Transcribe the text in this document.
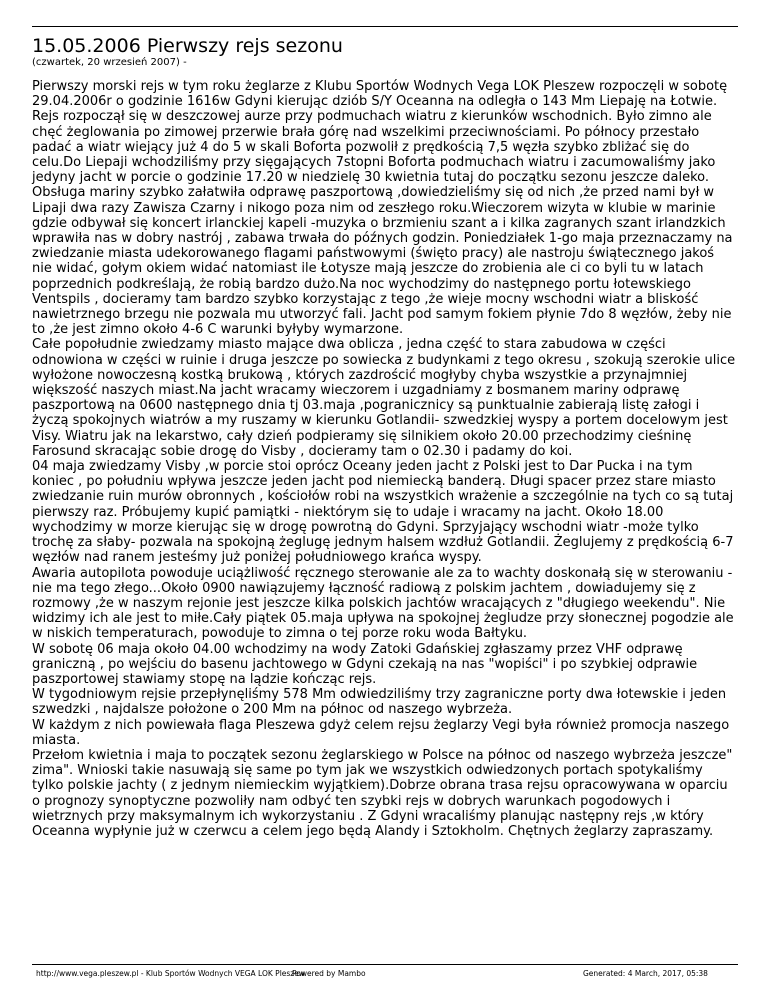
15.05.2006 Pierwszy rejs sezonu
(czwartek, 20 wrzesień 2007) -

Pierwszy morski rejs w tym roku żeglarze z Klubu Sportów Wodnych Vega LOK Pleszew rozpoczęli w sobotę 29.04.2006r o godzinie 1616w Gdyni kierując dziób S/Y Oceanna na odległa o 143 Mm Liepaję na Łotwie.

Rejs rozpoczął się w deszczowej aurze przy podmuchach wiatru z kierunków wschodnich. Było zimno ale chęć żeglowania po zimowej przerwie brała górę nad wszelkimi przeciwnościami. Po północy przestało padać a wiatr wiejący już 4 do 5 w skali Boforta pozwolił z prędkością 7,5 węzła szybko zbliżać się do celu.Do Liepaji wchodziliśmy przy sięgających 7stopni Boforta podmuchach wiatru i zacumowaliśmy jako jedyny jacht w porcie o godzinie 17.20 w niedzielę 30 kwietnia tutaj do początku sezonu jeszcze daleko. Obsługa mariny szybko załatwiła odprawę paszportową ,dowiedzieliśmy się od nich ,że przed nami był w Lipaji dwa razy Zawisza Czarny i nikogo poza nim od zeszłego roku.Wieczorem wizyta w klubie w marinie gdzie odbywał się koncert irlanckiej kapeli -muzyka o brzmieniu szant a i kilka zagranych szant irlandzkich wprawiła nas w dobry nastrój , zabawa trwała do późnych godzin. Poniedziałek 1-go maja przeznaczamy na zwiedzanie miasta udekorowanego flagami państwowymi (święto pracy) ale nastroju świątecznego jakoś nie widać, gołym okiem widać natomiast ile Łotysze mają jeszcze do zrobienia ale ci co byli tu w latach poprzednich podkreślają, że robią bardzo dużo.Na noc wychodzimy do następnego portu łotewskiego Ventspils , docieramy tam bardzo szybko korzystając z tego ,że wieje mocny wschodni wiatr a bliskość nawietrznego brzegu nie pozwala mu utworzyć fali. Jacht pod samym fokiem płynie 7do 8 węzłów, żeby nie to ,że jest zimno około 4-6 C warunki byłyby wymarzone.

Całe popołudnie zwiedzamy miasto mające dwa oblicza , jedna część to stara zabudowa w części odnowiona w części w ruinie i druga jeszcze po sowiecka z budynkami z tego okresu , szokują szerokie ulice wyłożone nowoczesną kostką brukową , których zazdrościć mogłyby chyba wszystkie a przynajmniej większość naszych miast.Na jacht wracamy wieczorem i uzgadniamy z bosmanem mariny odprawę paszportową na 0600 następnego dnia tj 03.maja ,pogranicznicy są punktualnie zabierają listę załogi i życzą spokojnych wiatrów a my ruszamy w kierunku Gotlandii- szwedzkiej wyspy a portem docelowym jest Visy. Wiatru jak na lekarstwo, cały dzień podpieramy się silnikiem około 20.00 przechodzimy cieśninę Farosund skracając sobie drogę do Visby , docieramy tam o 02.30 i padamy do koi.

04 maja zwiedzamy Visby ,w porcie stoi oprócz Oceany jeden jacht z Polski jest to Dar Pucka i na tym koniec , po południu wpływa jeszcze jeden jacht pod niemiecką banderą. Długi spacer przez stare miasto zwiedzanie ruin murów obronnych , kościołów robi na wszystkich wrażenie a szczególnie na tych co są tutaj pierwszy raz. Próbujemy kupić pamiątki - niektórym się to udaje i wracamy na jacht. Około 18.00 wychodzimy w morze kierując się w drogę powrotną do Gdyni. Sprzyjający wschodni wiatr -może tylko trochę za słaby- pozwala na spokojną żeglugę jednym halsem wzdłuż Gotlandii. Żeglujemy z prędkością 6-7 węzłów nad ranem jesteśmy już poniżej południowego krańca wyspy.

Awaria autopilota powoduje uciążliwość ręcznego sterowanie ale za to wachty doskonałą się w sterowaniu - nie ma tego złego...Około 0900 nawiązujemy łączność radiową z polskim jachtem , dowiadujemy się z rozmowy ,że w naszym rejonie jest jeszcze kilka polskich jachtów wracających z "długiego weekendu". Nie widzimy ich ale jest to miłe.Cały piątek 05.maja upływa na spokojnej żegludze przy słonecznej pogodzie ale w niskich temperaturach, powoduje to zimna o tej porze roku woda Bałtyku.

W sobotę 06 maja około 04.00 wchodzimy na wody Zatoki Gdańskiej zgłaszamy przez VHF odprawę graniczną , po wejściu do basenu jachtowego w Gdyni czekają na nas "wopiści" i po szybkiej odprawie paszportowej stawiamy stopę na lądzie kończąc rejs.

W tygodniowym rejsie przepłynęliśmy 578 Mm odwiedziliśmy trzy zagraniczne porty dwa łotewskie i jeden szwedzki , najdalsze położone o 200 Mm na północ od naszego wybrzeża.

W każdym z nich powiewała flaga Pleszewa gdyż celem rejsu żeglarzy Vegi była również promocja naszego miasta.

Przełom kwietnia i maja to początek sezonu żeglarskiego w Polsce na północ od naszego wybrzeża jeszcze" zima". Wnioski takie nasuwają się same po tym jak we wszystkich odwiedzonych portach spotykaliśmy tylko polskie jachty ( z jednym niemieckim wyjątkiem).Dobrze obrana trasa rejsu opracowywana w oparciu o prognozy synoptyczne pozwoliły nam odbyć ten szybki rejs w dobrych warunkach pogodowych i wietrznych przy maksymalnym ich wykorzystaniu . Z Gdyni wracaliśmy planując następny rejs ,w który Oceanna wypłynie już w czerwcu a celem jego będą Alandy i Sztokholm. Chętnych żeglarzy zapraszamy.

http://www.vega.pleszew.pl - Klub Sportów Wodnych VEGA LOK Pleszew
Powered by Mambo	Generated: 4 March, 2017, 05:38
